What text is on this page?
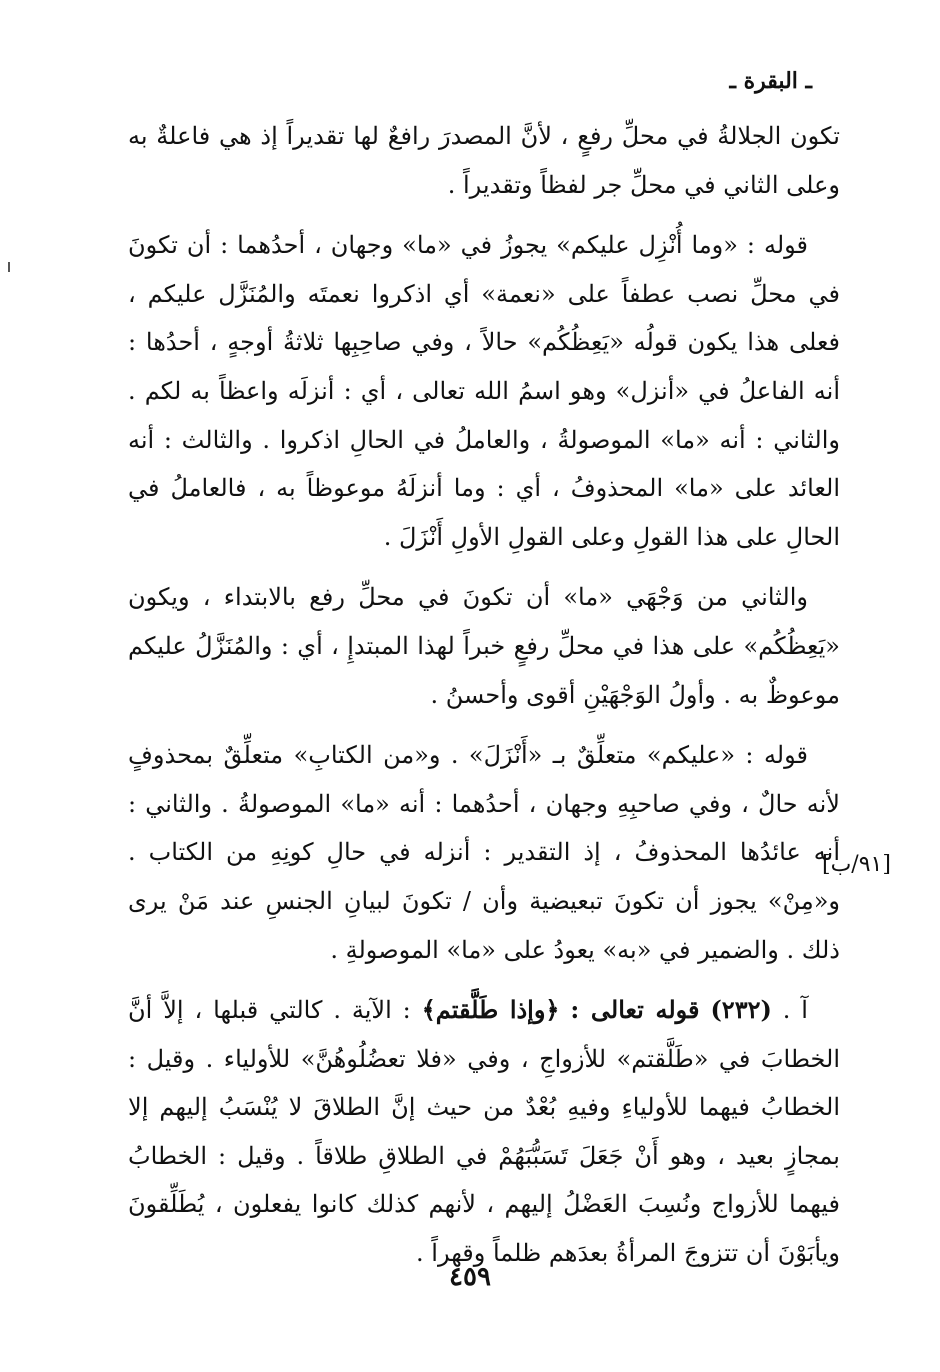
ـ البقرة ـ

تكون الجلالةُ في محلِّ رفعٍ ، لأنَّ المصدرَ رافعٌ لها تقديراً إذ هي فاعلةٌ به وعلى الثاني في محلِّ جر لفظاً وتقديراً .

قوله : «وما أُنْزِل عليكم» يجوزُ في «ما» وجهان ، أحدُهما : أن تكونَ في محلِّ نصب عطفاً على «نعمة» أي اذكروا نعمتَه والمُنَزَّل عليكم ، فعلى هذا يكون قولُه «يَعِظُكُم» حالاً ، وفي صاحِبِها ثلاثةُ أوجهٍ ، أحدُها : أنه الفاعلُ في «أنزل» وهو اسمُ الله تعالى ، أي : أنزلَه واعظاً به لكم . والثاني : أنه «ما» الموصولةُ ، والعاملُ في الحالِ اذكروا . والثالث : أنه العائد على «ما» المحذوفُ ، أي : وما أنزلَهُ موعوظاً به ، فالعاملُ في الحالِ على هذا القولِ وعلى القولِ الأولِ أَنْزَلَ .

والثاني من وَجْهَي «ما» أن تكونَ في محلِّ رفع بالابتداء ، ويكون «يَعِظُكُم» على هذا في محلِّ رفعٍ خبراً لهذا المبتدإِ ، أي : والمُنَزَّلُ عليكم موعوظٌ به . وأولُ الوَجْهَيْنِ أقوى وأحسنُ .

قوله : «عليكم» متعلِّقٌ بـ «أَنْزَلَ» . و«من الكتابِ» متعلِّقٌ بمحذوفٍ لأنه حالٌ ، وفي صاحبِهِ وجهان ، أحدُهما : أنه «ما» الموصولةُ . والثاني : أنه عائدُها المحذوفُ ، إذ التقدير : أنزله في حالِ كونِهِ من الكتاب . و«مِنْ» يجوز أن تكونَ تبعيضية وأن / تكونَ لبيانِ الجنسِ عند مَنْ يرى ذلك . والضمير في «به» يعودُ على «ما» الموصولةِ .

آ . (٢٣٢) قوله تعالى : ﴿وإذا طَلَّقتم﴾ : الآية . كالتي قبلها ، إلاَّ أنَّ الخطابَ في «طَلَّقتم» للأزواجِ ، وفي «فلا تعضُلُوهُنَّ» للأولياء . وقيل : الخطابُ فيهما للأولياءِ وفيهِ بُعْدٌ من حيث إنَّ الطلاقَ لا يُنْسَبُ إليهم إلا بمجازٍ بعيد ، وهو أَنْ جَعَلَ تَسَبُّبَهُمْ في الطلاقِ طلاقاً . وقيل : الخطابُ فيهما للأزواج ونُسِبَ العَضْلُ إليهم ، لأنهم كذلك كانوا يفعلون ، يُطَلِّقونَ ويأبَوْنَ أن تتزوجَ المرأةُ بعدَهم ظلماً وقهراً .

[٩١/ب]
٤٥٩
